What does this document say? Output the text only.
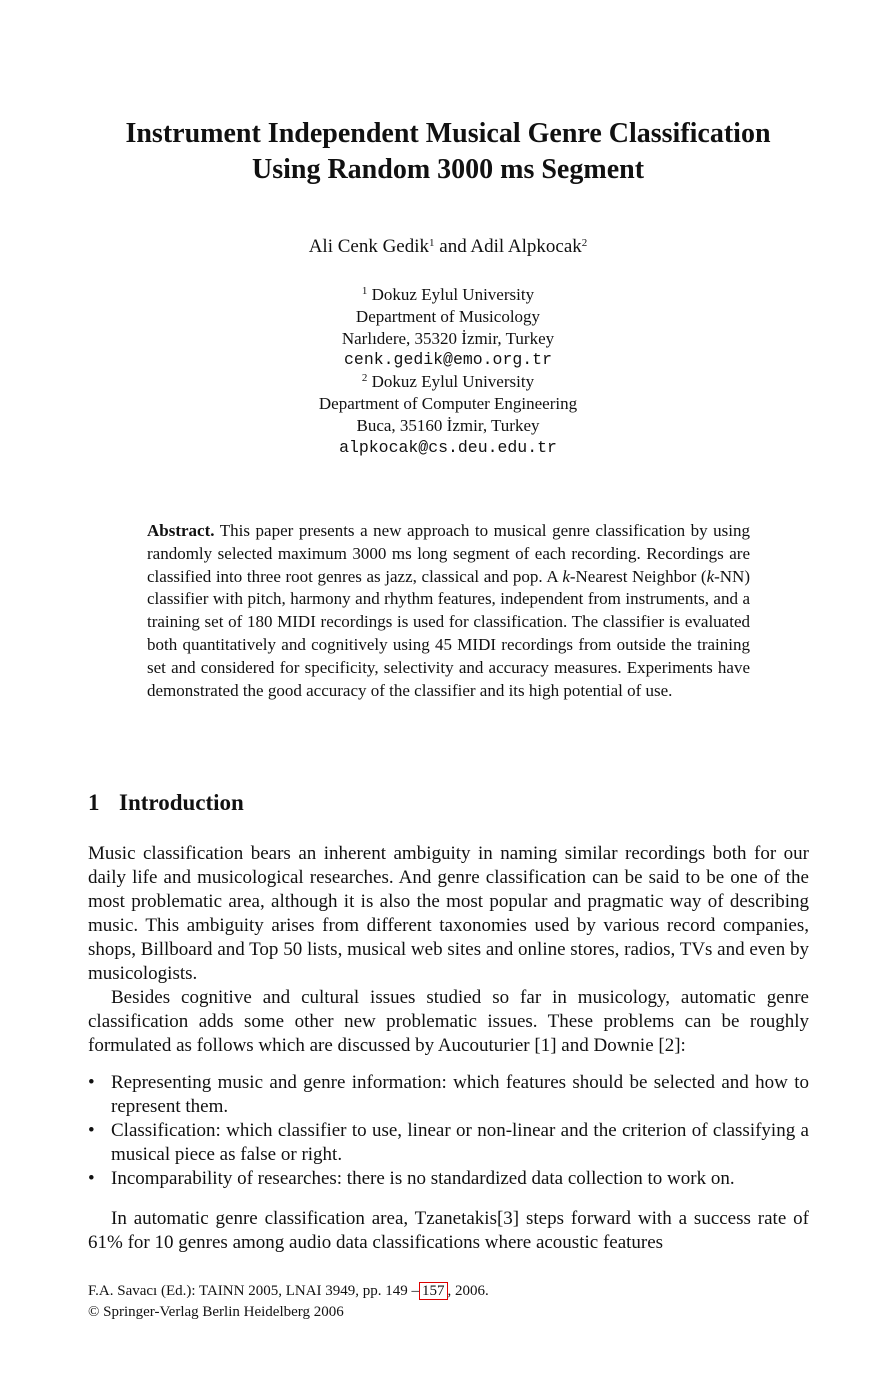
Instrument Independent Musical Genre Classification
Using Random 3000 ms Segment
Ali Cenk Gedik$^1$ and Adil Alpkocak$^2$
$^1$ Dokuz Eylul University
Department of Musicology
Narlıdere, 35320 İzmir, Turkey
cenk.gedik@emo.org.tr
$^2$ Dokuz Eylul University
Department of Computer Engineering
Buca, 35160 İzmir, Turkey
alpkocak@cs.deu.edu.tr
Abstract. This paper presents a new approach to musical genre classification by using randomly selected maximum 3000 ms long segment of each recording. Recordings are classified into three root genres as jazz, classical and pop. A k-Nearest Neighbor (k-NN) classifier with pitch, harmony and rhythm features, independent from instruments, and a training set of 180 MIDI recordings is used for classification. The classifier is evaluated both quantitatively and cognitively using 45 MIDI recordings from outside the training set and considered for specificity, selectivity and accuracy measures. Experiments have demonstrated the good accuracy of the classifier and its high potential of use.
1 Introduction

Music classification bears an inherent ambiguity in naming similar recordings both for our daily life and musicological researches. And genre classification can be said to be one of the most problematic area, although it is also the most popular and pragmatic way of describing music. This ambiguity arises from different taxonomies used by various record companies, shops, Billboard and Top 50 lists, musical web sites and online stores, radios, TVs and even by musicologists.

Besides cognitive and cultural issues studied so far in musicology, automatic genre classification adds some other new problematic issues. These problems can be roughly formulated as follows which are discussed by Aucouturier [1] and Downie [2]:

• Representing music and genre information: which features should be selected and how to represent them.
• Classification: which classifier to use, linear or non-linear and the criterion of classifying a musical piece as false or right.
• Incomparability of researches: there is no standardized data collection to work on.

In automatic genre classification area, Tzanetakis[3] steps forward with a success rate of 61% for 10 genres among audio data classifications where acoustic features

F.A. Savacı (Ed.): TAINN 2005, LNAI 3949, pp. 149 – 157 , 2006.
© Springer-Verlag Berlin Heidelberg 2006
